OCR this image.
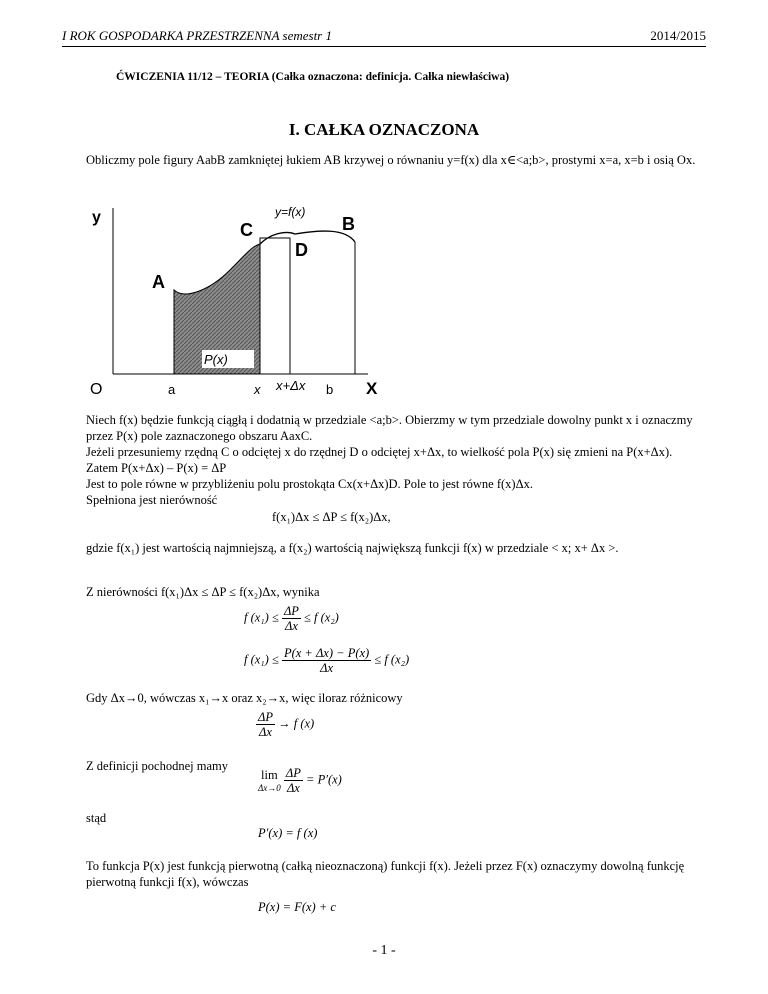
I ROK GOSPODARKA PRZESTRZENNA semestr 1	2014/2015
ĆWICZENIA 11/12 – TEORIA (Całka oznaczona: definicja. Całka niewłaściwa)
I. CAŁKA OZNACZONA
Obliczmy pole figury AabB zamkniętej łukiem AB krzywej o równaniu y=f(x) dla x∈<a;b>, prostymi x=a, x=b i osią Ox.
y	y=f(x)
B
C
D
A
P(x)
O	a	x x+Δx b X
Niech f(x) będzie funkcją ciągłą i dodatnią w przedziale <a;b>. Obierzmy w tym przedziale dowolny punkt x i oznaczmy przez P(x) pole zaznaczonego obszaru AaxC.
Jeżeli przesuniemy rzędną C o odciętej x do rzędnej D o odciętej x+Δx, to wielkość pola P(x) się zmieni na P(x+Δx). Zatem P(x+Δx) – P(x) = ΔP
Jest to pole równe w przybliżeniu polu prostokąta Cx(x+Δx)D. Pole to jest równe f(x)Δx.
Spełniona jest nierówność
f(x₁)Δx ≤ ΔP ≤ f(x₂)Δx,
gdzie f(x₁) jest wartością najmniejszą, a f(x₂) wartością największą funkcji f(x) w przedziale < x; x+ Δx >.
Z nierówności f(x₁)Δx ≤ ΔP ≤ f(x₂)Δx, wynika
f $(x_1) \le \frac{\Delta P}{\Delta x} \le f$ (x₂)
f $(x_1) \le \frac{P(x + \Delta x) - P(x)}{\Delta x} \le f$ (x₂)
Gdy Δx→0, wówczas x₁→x oraz x₂→x, więc iloraz różnicowy
$\frac{\Delta P}{\Delta x} \to f$ (x)
Z definicji pochodnej mamy
lim
Δx→0
$\frac{\Delta P}{\Delta x} = P'(x)$
stąd
P′(x) = f (x)
To funkcja P(x) jest funkcją pierwotną (całką nieoznaczoną) funkcji f(x). Jeżeli przez F(x) oznaczymy dowolną funkcję pierwotną funkcji f(x), wówczas
P(x) = F(x) + c
- 1 -
